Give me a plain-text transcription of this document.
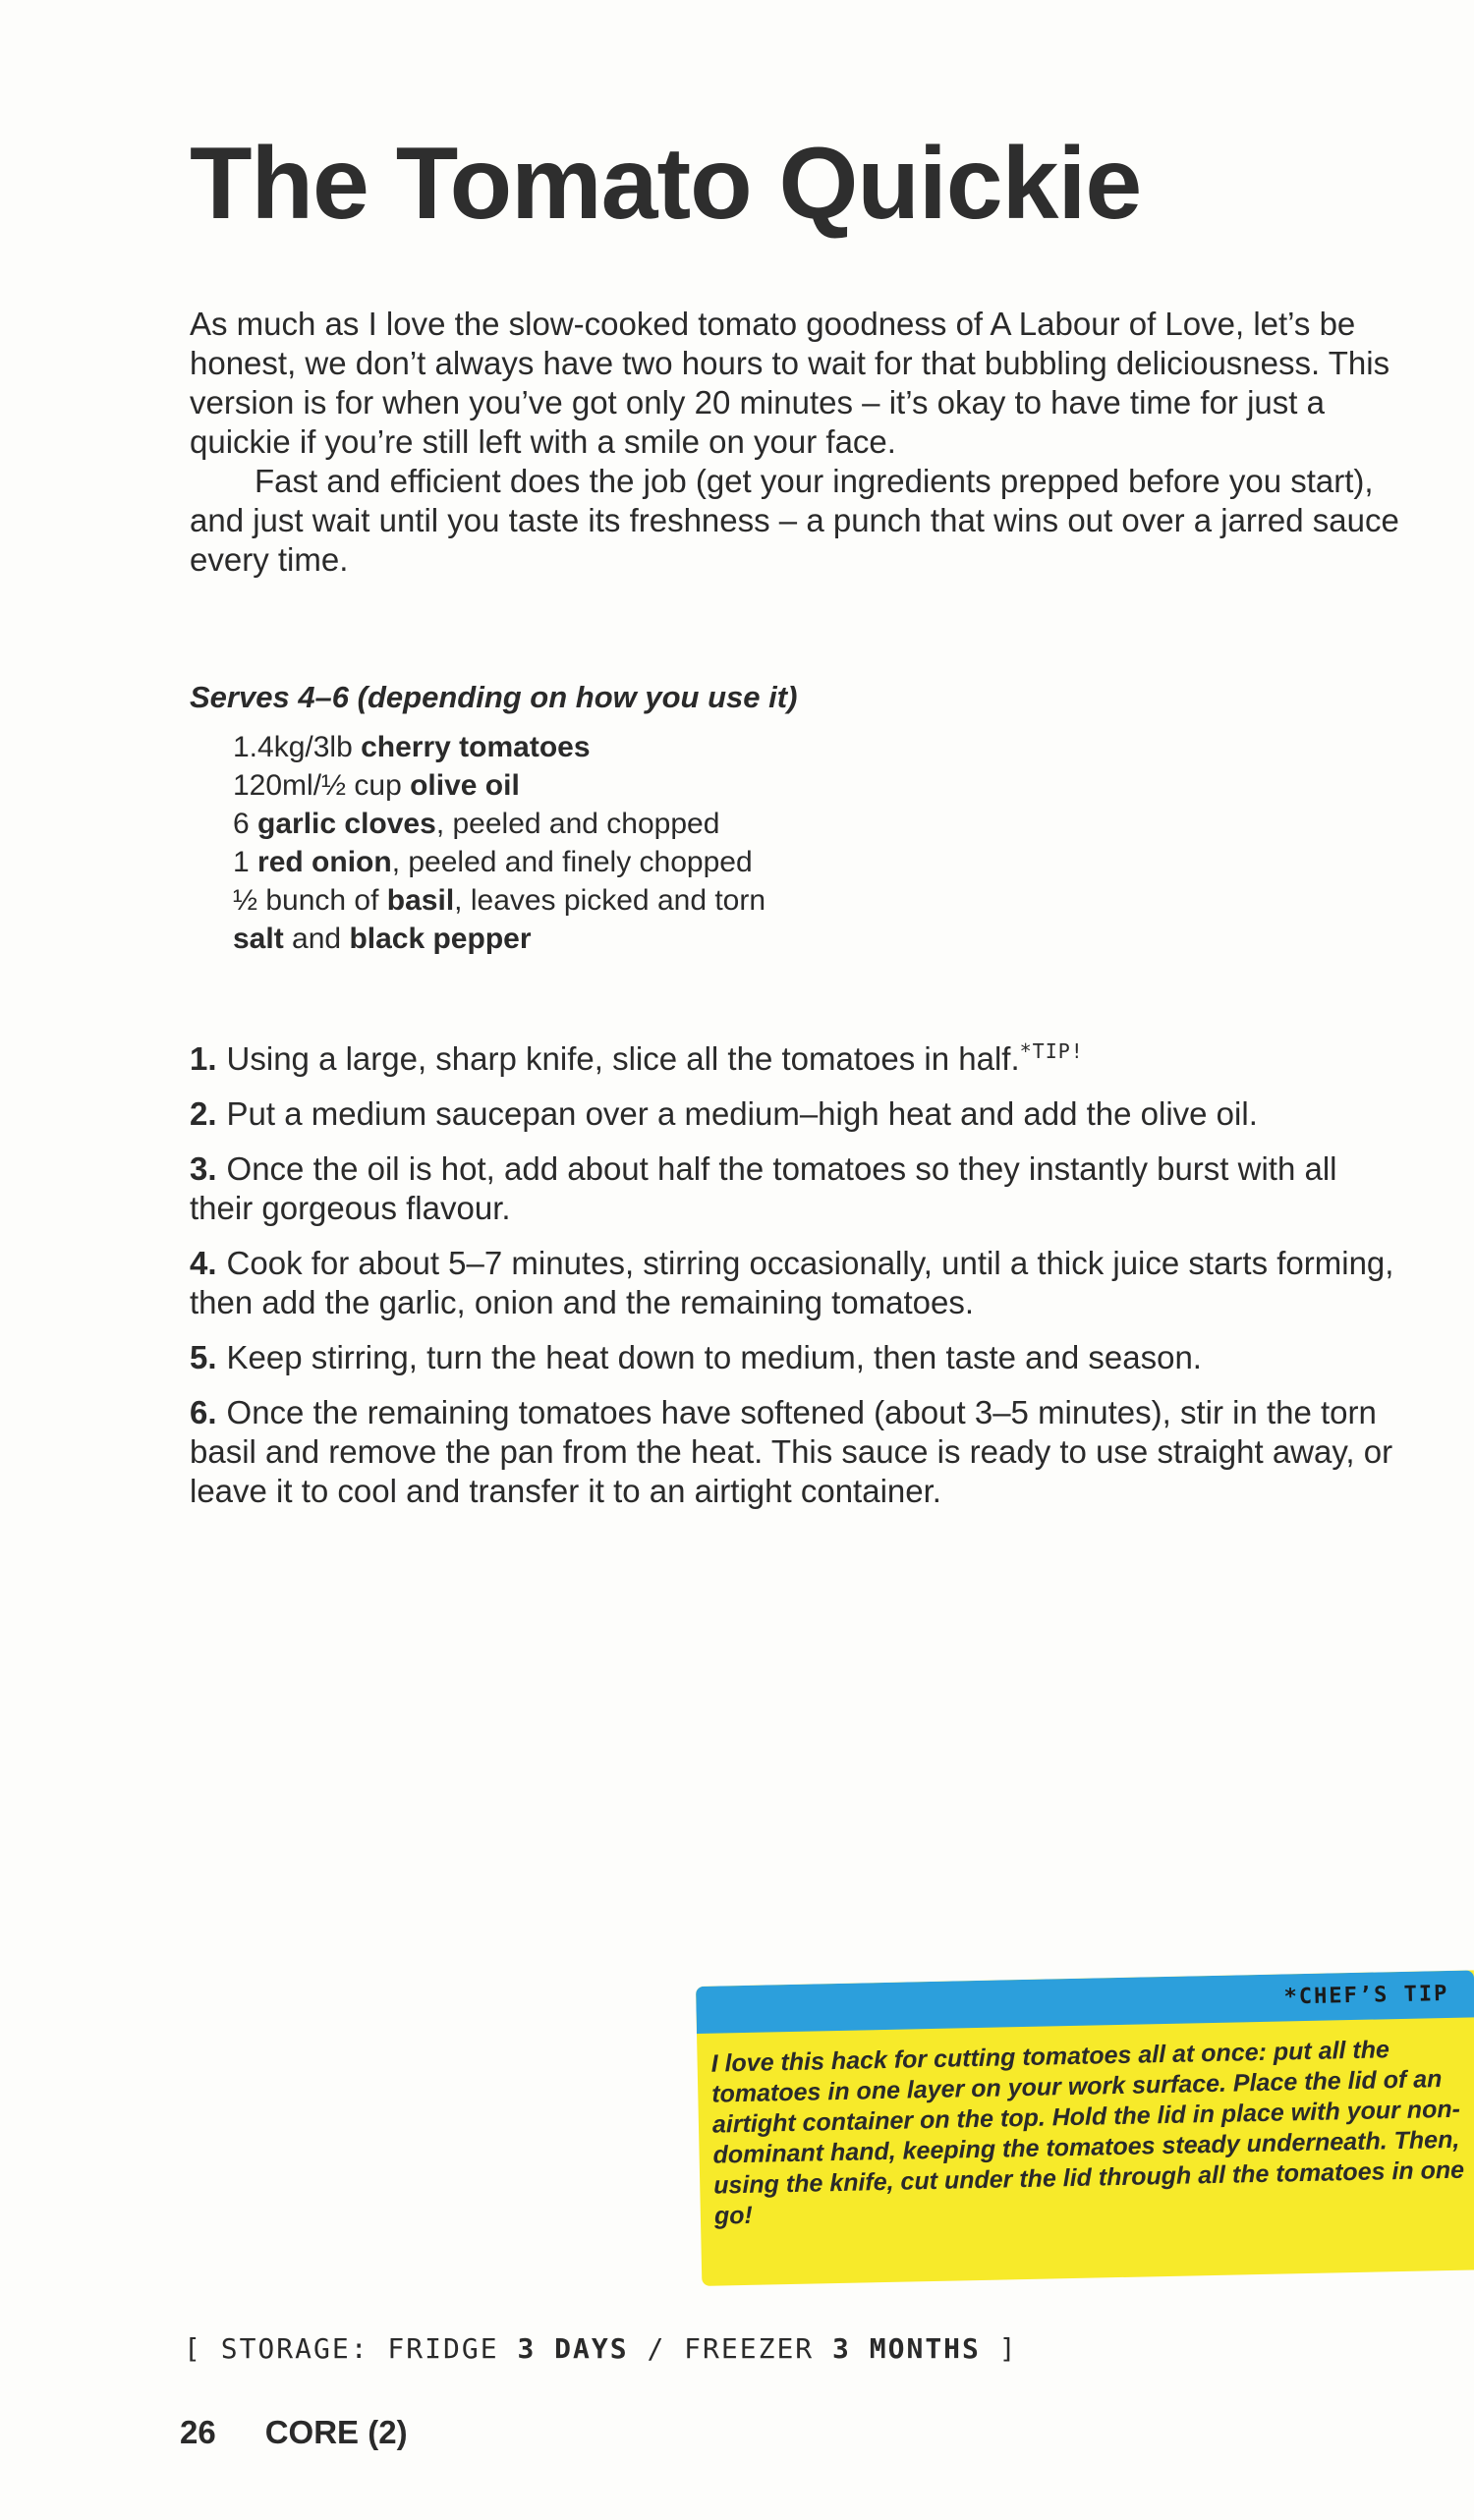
The Tomato Quickie

As much as I love the slow-cooked tomato goodness of A Labour of Love, let’s be honest, we don’t always have two hours to wait for that bubbling deliciousness. This version is for when you’ve got only 20 minutes – it’s okay to have time for just a quickie if you’re still left with a smile on your face.

Fast and efficient does the job (get your ingredients prepped before you start), and just wait until you taste its freshness – a punch that wins out over a jarred sauce every time.

Serves 4–6 (depending on how you use it)
1.4kg/3lb cherry tomatoes
120ml/½ cup olive oil
6 garlic cloves, peeled and chopped
1 red onion, peeled and finely chopped
½ bunch of basil, leaves picked and torn
salt and black pepper
1. Using a large, sharp knife, slice all the tomatoes in half.$^{*TIP!}$
2. Put a medium saucepan over a medium–high heat and add the olive oil.
3. Once the oil is hot, add about half the tomatoes so they instantly burst with all their gorgeous flavour.
4. Cook for about 5–7 minutes, stirring occasionally, until a thick juice starts forming, then add the garlic, onion and the remaining tomatoes.
5. Keep stirring, turn the heat down to medium, then taste and season.
6. Once the remaining tomatoes have softened (about 3–5 minutes), stir in the torn basil and remove the pan from the heat. This sauce is ready to use straight away, or leave it to cool and transfer it to an airtight container.
*CHEF’S TIP
I love this hack for cutting tomatoes all at once: put all the tomatoes in one layer on your work surface. Place the lid of an airtight container on the top. Hold the lid in place with your non-dominant hand, keeping the tomatoes steady underneath. Then, using the knife, cut under the lid through all the tomatoes in one go!
[ STORAGE: FRIDGE 3 DAYS / FREEZER 3 MONTHS ]
26 CORE (2)
